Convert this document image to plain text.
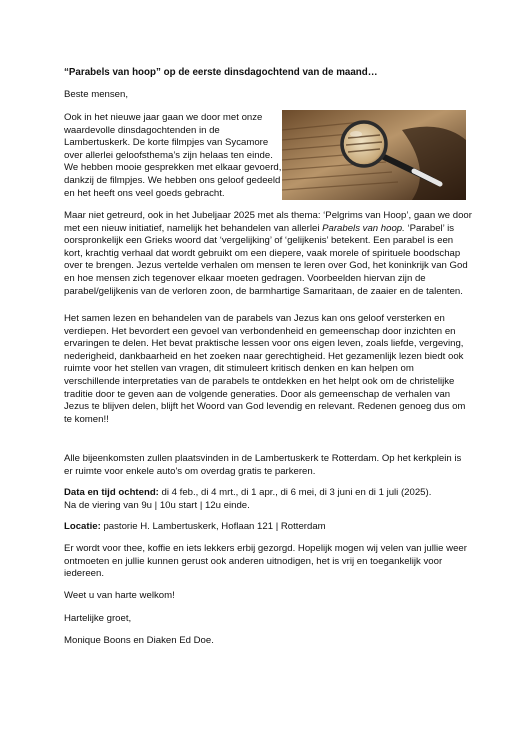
“Parabels van hoop” op de eerste dinsdagochtend van de maand…

Beste mensen,

Ook in het nieuwe jaar gaan we door met onze waardevolle dinsdagochtenden in de Lambertuskerk. De korte filmpjes van Sycamore over allerlei geloofsthema’s zijn helaas ten einde. We hebben mooie gesprekken met elkaar gevoerd, dankzij de filmpjes. We hebben ons geloof gedeeld en het heeft ons veel goeds gebracht.

Maar niet getreurd, ook in het Jubeljaar 2025 met als thema: ‘Pelgrims van Hoop’, gaan we door met een nieuw initiatief, namelijk het behandelen van allerlei Parabels van hoop. ‘Parabel’ is oorspronkelijk een Grieks woord dat ‘vergelijking’ of ‘gelijkenis’ betekent. Een parabel is een kort, krachtig verhaal dat wordt gebruikt om een diepere, vaak morele of spirituele boodschap over te brengen. Jezus vertelde verhalen om mensen te leren over God, het koninkrijk van God en hoe mensen zich tegenover elkaar moeten gedragen. Voorbeelden hiervan zijn de parabel/gelijkenis van de verloren zoon, de barmhartige Samaritaan, de zaaier en de talenten.

Het samen lezen en behandelen van de parabels van Jezus kan ons geloof versterken en verdiepen. Het bevordert een gevoel van verbondenheid en gemeenschap door inzichten en ervaringen te delen. Het bevat praktische lessen voor ons eigen leven, zoals liefde, vergeving, nederigheid, dankbaarheid en het zoeken naar gerechtigheid. Het gezamenlijk lezen biedt ook ruimte voor het stellen van vragen, dit stimuleert kritisch denken en kan helpen om verschillende interpretaties van de parabels te ontdekken en het helpt ook om de christelijke traditie door te geven aan de volgende generaties. Door als gemeenschap de verhalen van Jezus te blijven delen, blijft het Woord van God levendig en relevant. Redenen genoeg dus om te komen!!

Alle bijeenkomsten zullen plaatsvinden in de Lambertuskerk te Rotterdam. Op het kerkplein is er ruimte voor enkele auto's om overdag gratis te parkeren.

Data en tijd ochtend: di 4 feb., di 4 mrt., di 1 apr., di 6 mei, di 3 juni en di 1 juli (2025).
Na de viering van 9u | 10u start | 12u einde.

Locatie: pastorie H. Lambertuskerk, Hoflaan 121 | Rotterdam

Er wordt voor thee, koffie en iets lekkers erbij gezorgd. Hopelijk mogen wij velen van jullie weer ontmoeten en jullie kunnen gerust ook anderen uitnodigen, het is vrij en toegankelijk voor iedereen.

Weet u van harte welkom!

Hartelijke groet,

Monique Boons en Diaken Ed Doe.
